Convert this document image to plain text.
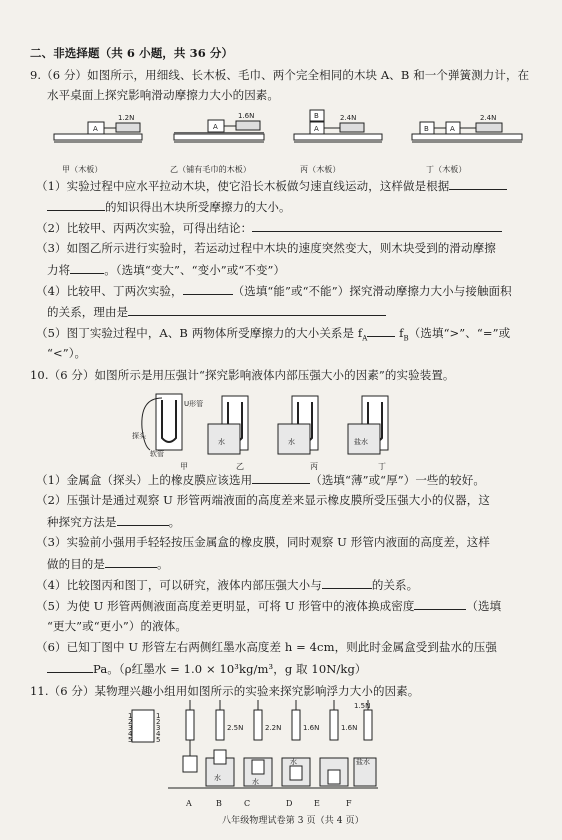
二、非选择题（共 6 小题，共 36 分）
9.（6 分）如图所示，用细线、长木板、毛巾、两个完全相同的木块 A、B 和一个弹簧测力计，在
水平桌面上探究影响滑动摩擦力大小的因素。
A
1.2N
A
1.6N	B
A
2.4N
B	A
2.4N
甲（木板）	乙（铺有毛巾的木板）	丙（木板）	丁（木板）
（1）实验过程中应水平拉动木块，使它沿长木板做匀速直线运动，这样做是根据
的知识得出木块所受摩擦力的大小。
（2）比较甲、丙两次实验，可得出结论：
（3）如图乙所示进行实验时，若运动过程中木块的速度突然变大，则木块受到的滑动摩擦
力将	。（选填“变大”、“变小”或“不变”）
（4）比较甲、丁两次实验，	（选填“能”或“不能”）探究滑动摩擦力大小与接触面积
的关系，理由是
（5）图丁实验过程中，A、B 两物体所受摩擦力的大小关系是 $f_A$ $f_B$（选填“>”、“=”或
“<”）。
10.（6 分）如图所示是用压强计“探究影响液体内部压强大小的因素”的实验装置。
U形管
探头
软管
水	水	盐水
甲	乙	丙	丁
（1）金属盒（探头）上的橡皮膜应该选用	（选填“薄”或“厚”）一些的较好。
（2）压强计是通过观察 U 形管两端液面的高度差来显示橡皮膜所受压强大小的仪器，这
种探究方法是	。
（3）实验前小强用手轻轻按压金属盒的橡皮膜，同时观察 U 形管内液面的高度差，这样
做的目的是	。
（4）比较图丙和图丁，可以研究，液体内部压强大小与	的关系。
（5）为使 U 形管两侧液面高度差更明显，可将 U 形管中的液体换成密度	（选填
“更大”或“更小”）的液体。
（6）已知丁图中 U 形管左右两侧红墨水高度差 h = 4cm，则此时金属盒受到盐水的压强
Pa。（ρ红墨水 = 1.0 × 10³kg/m³，g 取 10N/kg）
11.（6 分）某物理兴趣小组用如图所示的实验来探究影响浮力大小的因素。
1
2
3
4
5
1
2
3
4
5
2.5N
水
2.2N
水
1.6N
水
1.6N
1.5N
盐水
A	B	C	D	E	F
八年级物理试卷第 3 页（共 4 页）
